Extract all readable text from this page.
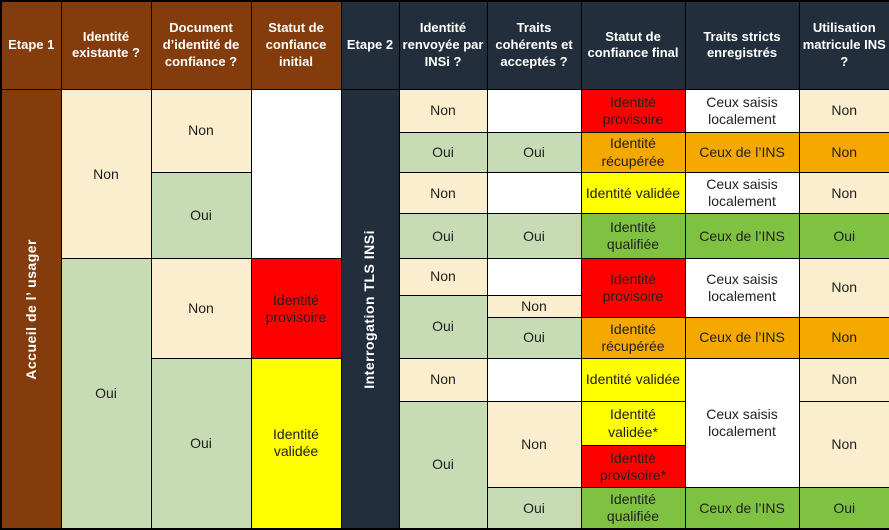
Etape 1	Identité existante ?	Document d’identité de confiance ?	Statut de confiance initial	Etape 2	Identité renvoyée par INSi ?	Traits cohérents et acceptés ?	Statut de confiance final	Traits stricts enregistrés	Utilisation matricule INS ?

Accueil de l’ usager	Non	Non		Interrogation TLS INSi	Non		Identité provisoire	Ceux saisis localement	Non
					Oui	Oui	Identité récupérée	Ceux de l’INS	Non
		Oui			Non		Identité validée	Ceux saisis localement	Non
					Oui	Oui	Identité qualifiée	Ceux de l’INS	Oui
	Oui	Non	Identité provisoire		Non		Identité provisoire	Ceux saisis localement	Non
					Oui	Non			
						Oui	Identité récupérée	Ceux de l’INS	Non
		Oui	Identité validée		Non		Identité validée	Ceux saisis localement	Non
					Oui	Non	Identité validée*		Non
							Identité provisoire*		
						Oui	Identité qualifiée	Ceux de l’INS	Oui
